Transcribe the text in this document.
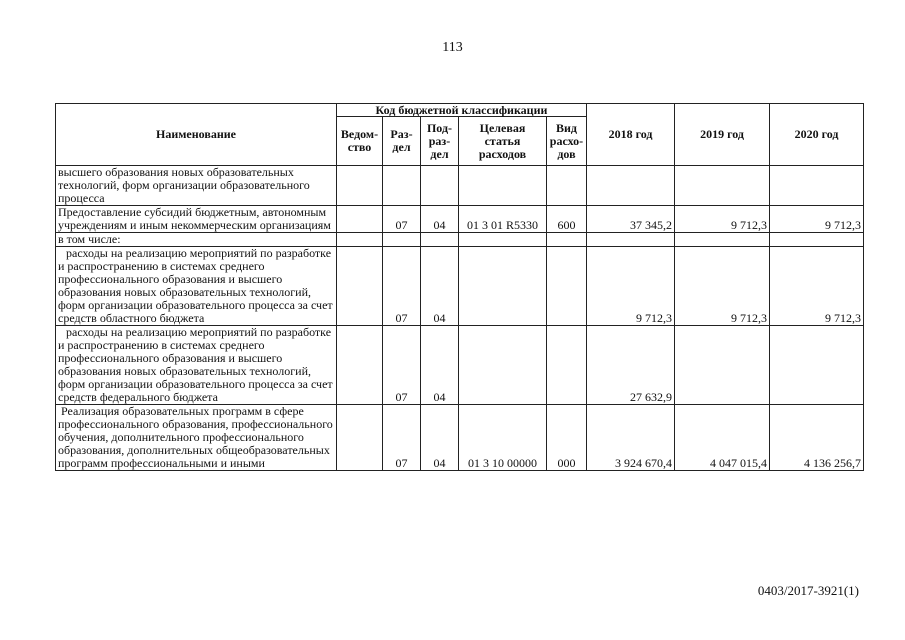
113
Наименование	Код бюджетной классификации					2018 год	2019 год	2020 год
	Ведом-ство	Раз-дел	Под-раз-дел	Целевая статья расходов	Вид расхо-дов			
высшего образования новых образовательных технологий, форм организации образовательного процесса								
Предоставление субсидий бюджетным, автономным учреждениям и иным некоммерческим организациям		07	04	01 3 01 R5330	600	37 345,2	9 712,3	9 712,3
в том числе:								
расходы на реализацию мероприятий по разработке и распространению в системах среднего профессионального образования и высшего образования новых образовательных технологий, форм организации образовательного процесса за счет средств областного бюджета		07	04			9 712,3	9 712,3	9 712,3
расходы на реализацию мероприятий по разработке и распространению в системах среднего профессионального образования и высшего образования новых образовательных технологий, форм организации образовательного процесса за счет средств федерального бюджета		07	04			27 632,9		
Реализация образовательных программ в сфере профессионального образования, профессионального обучения, дополнительного профессионального образования, дополнительных общеобразовательных программ профессиональными и иными		07	04	01 3 10 00000	000	3 924 670,4	4 047 015,4	4 136 256,7
0403/2017-3921(1)
